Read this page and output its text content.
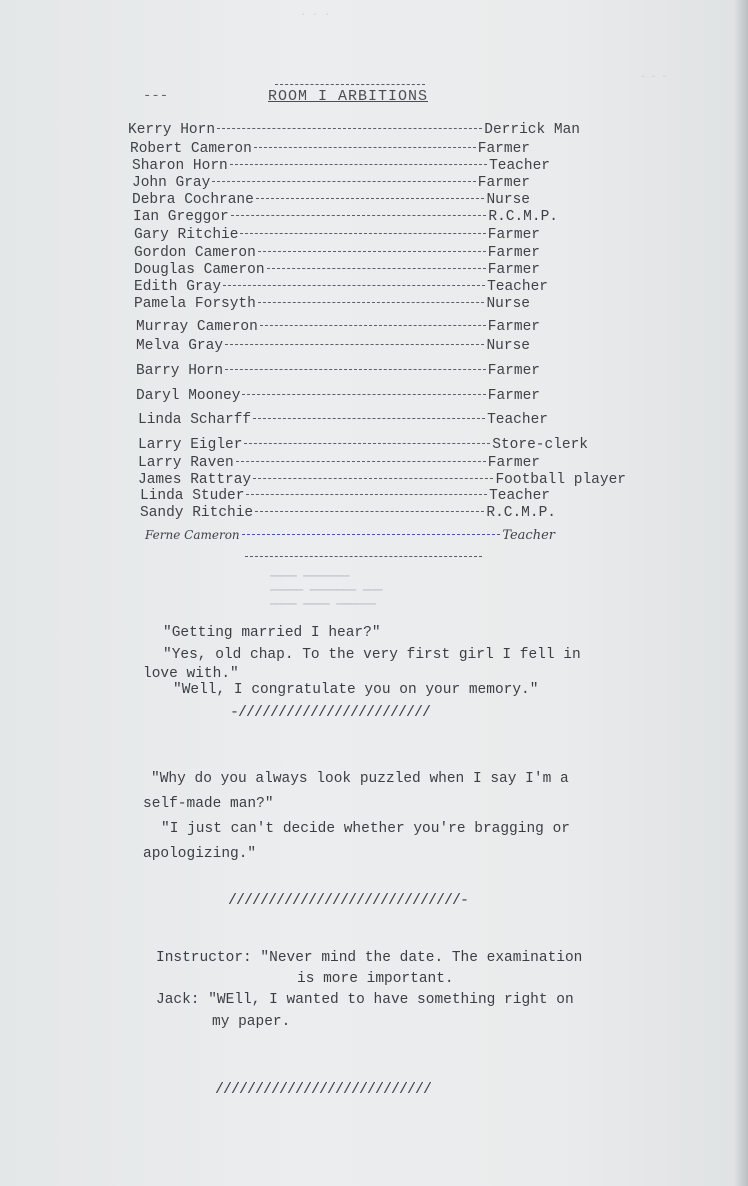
· · ·
▁▁▁▁ ▁▁▁▁▁▁▁
▁▁▁▁▁ ▁▁▁▁▁▁▁ ▁▁▁
▁▁▁▁ ▁▁▁▁ ▁▁▁▁▁▁
- - -
---	ROOM I ARBITIONS
Kerry Horn	Derrick Man
Robert Cameron	Farmer
Sharon Horn	Teacher
John Gray	Farmer
Debra Cochrane	Nurse
Ian Greggor	R.C.M.P.
Gary Ritchie	Farmer
Gordon Cameron	Farmer
Douglas Cameron	Farmer
Edith Gray	Teacher
Pamela Forsyth	Nurse
Murray Cameron	Farmer
Melva Gray	Nurse
Barry Horn	Farmer
Daryl Mooney	Farmer
Linda Scharff	Teacher
Larry Eigler	Store-clerk
Larry Raven	Farmer
James Rattray	Football player
Linda Studer	Teacher
Sandy Ritchie	R.C.M.P.
Ferne Cameron	Teacher
"Getting married I hear?"
"Yes, old chap. To the very first girl I fell in
love with."
"Well, I congratulate you on your memory."
-////////////////////////
"Why do you always look puzzled when I say I'm a
self-made man?"
"I just can't decide whether you're bragging or
apologizing."
/////////////////////////////-
Instructor: "Never mind the date. The examination
is more important.
Jack: "WEll, I wanted to have something right on
my paper.
///////////////////////////
